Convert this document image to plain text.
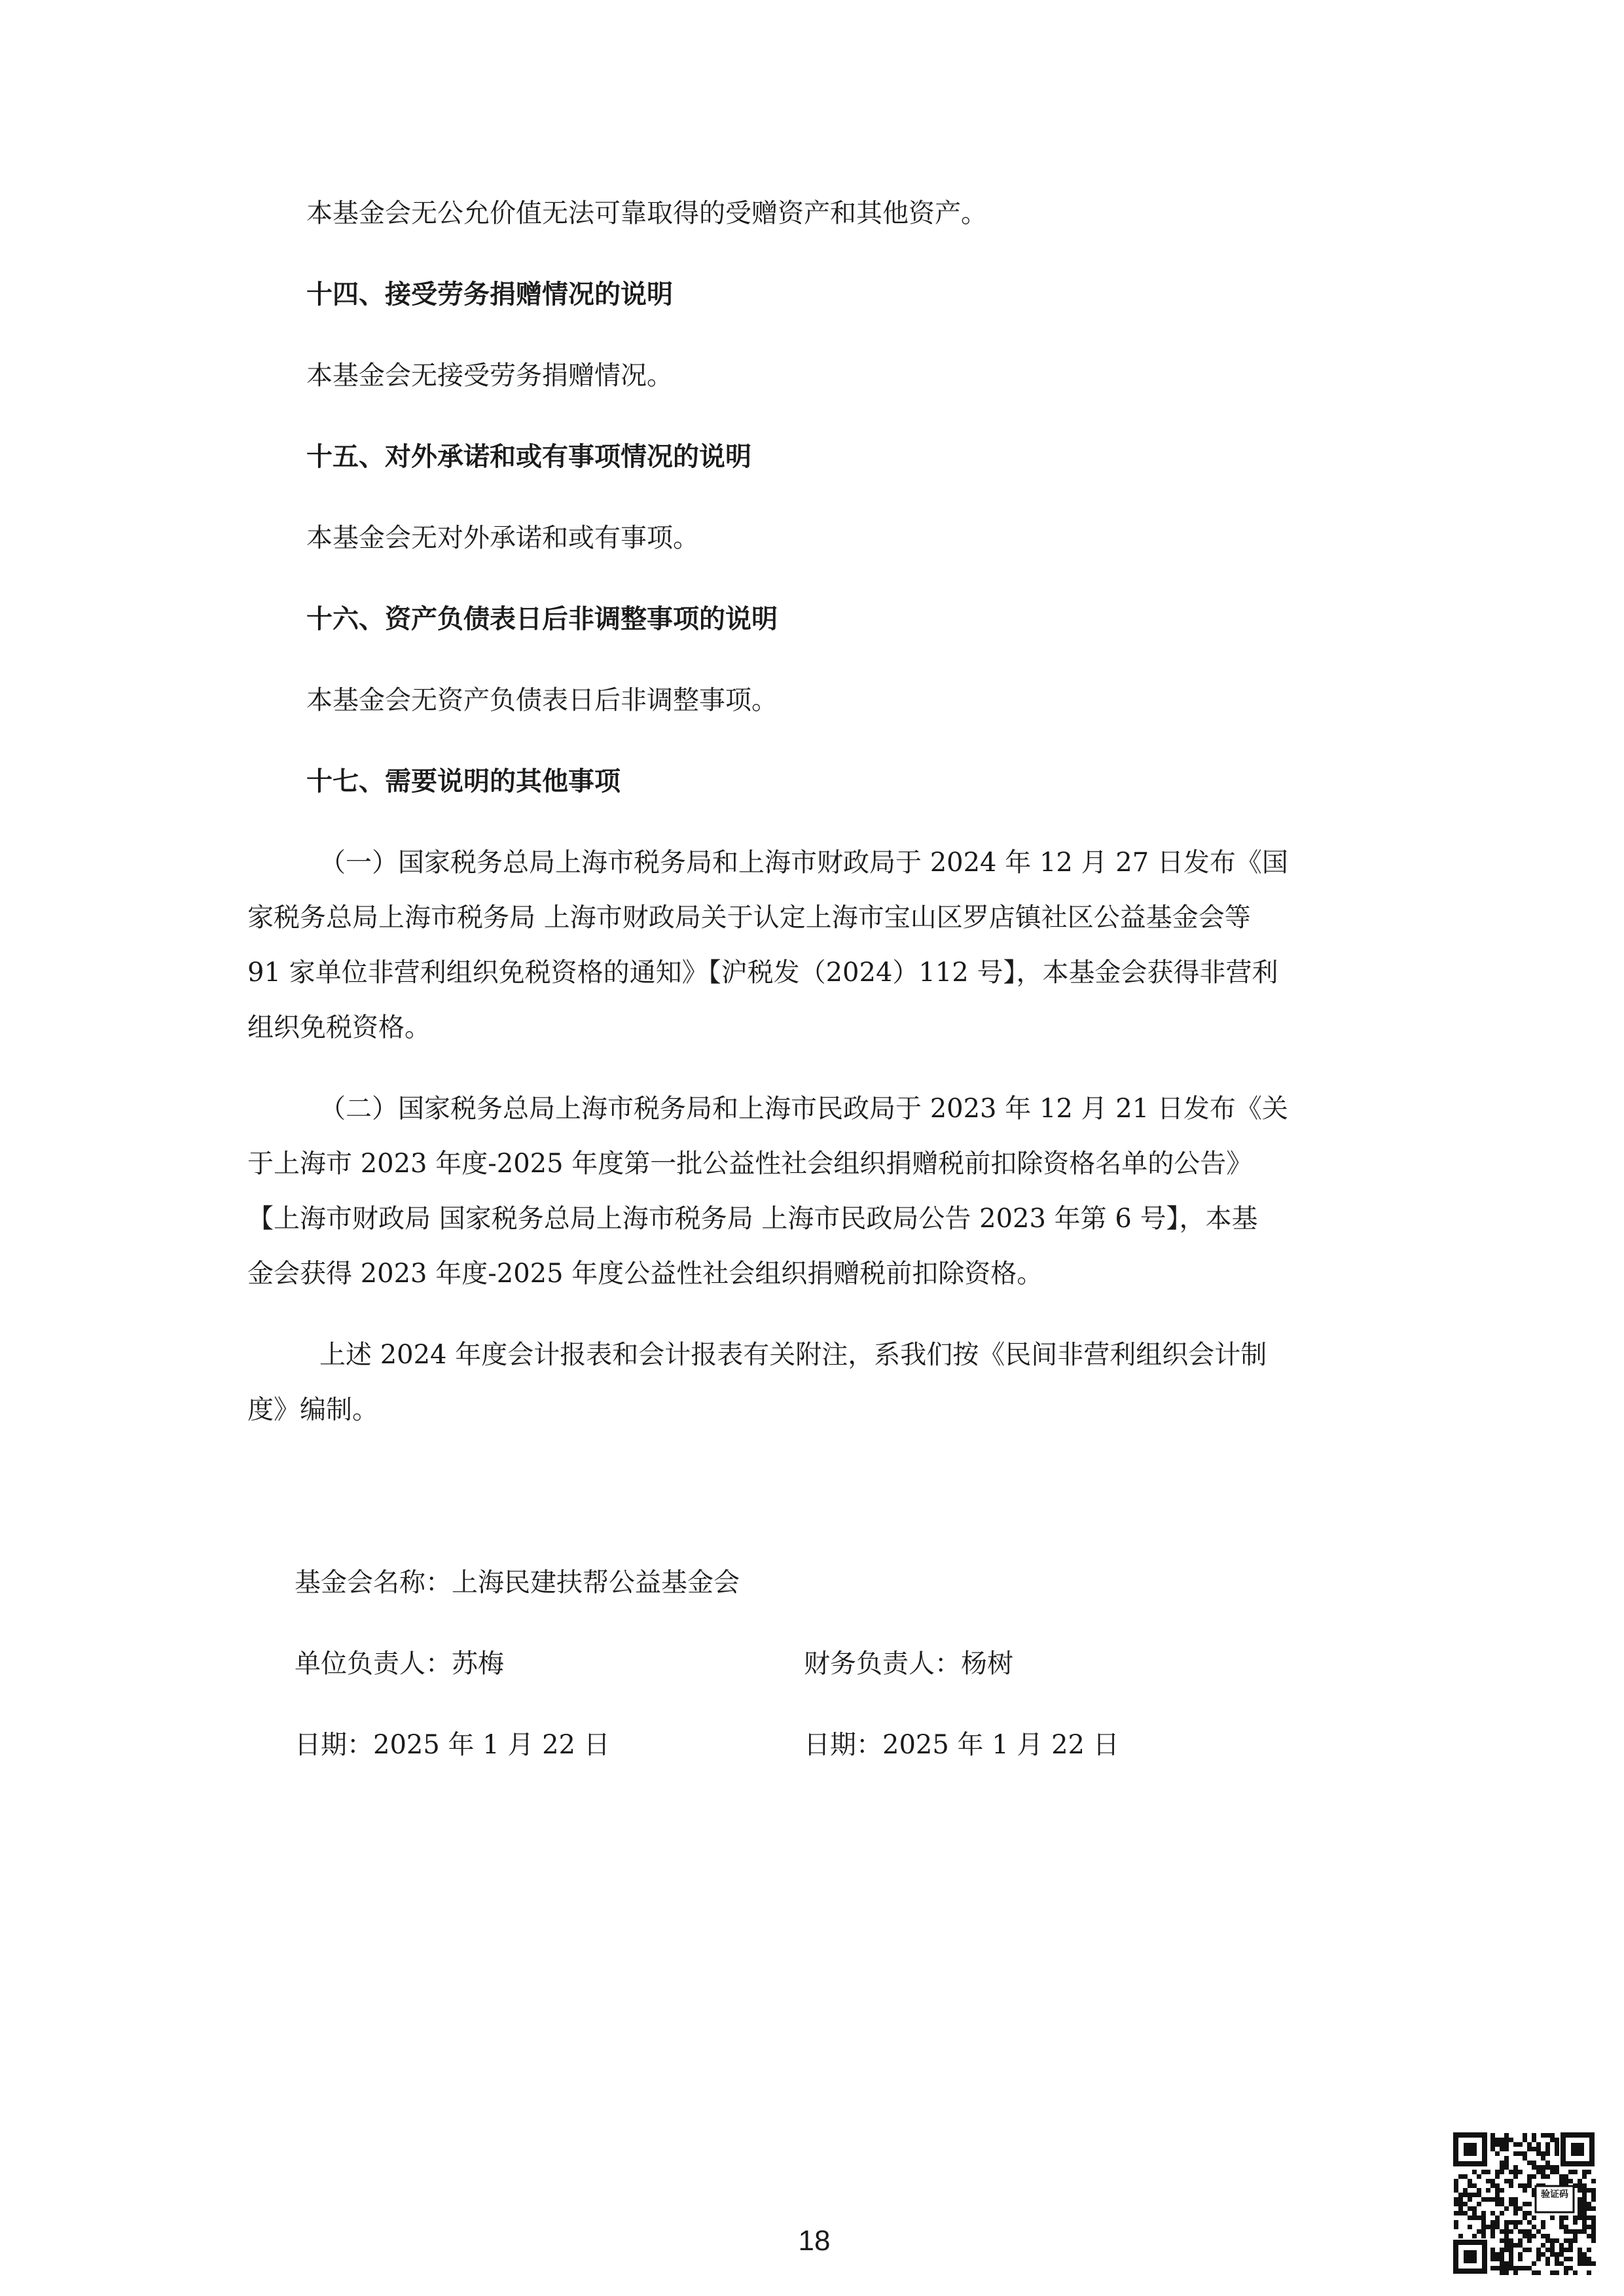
本基金会无公允价值无法可靠取得的受赠资产和其他资产。
十四、接受劳务捐赠情况的说明
本基金会无接受劳务捐赠情况。
十五、对外承诺和或有事项情况的说明
本基金会无对外承诺和或有事项。
十六、资产负债表日后非调整事项的说明
本基金会无资产负债表日后非调整事项。
十七、需要说明的其他事项
（一）国家税务总局上海市税务局和上海市财政局于 2024 年 12 月 27 日发布《国
家税务总局上海市税务局 上海市财政局关于认定上海市宝山区罗店镇社区公益基金会等
91 家单位非营利组织免税资格的通知》【沪税发（2024）112 号】，本基金会获得非营利
组织免税资格。
（二）国家税务总局上海市税务局和上海市民政局于 2023 年 12 月 21 日发布《关
于上海市 2023 年度-2025 年度第一批公益性社会组织捐赠税前扣除资格名单的公告》
【上海市财政局 国家税务总局上海市税务局 上海市民政局公告 2023 年第 6 号】，本基
金会获得 2023 年度-2025 年度公益性社会组织捐赠税前扣除资格。
上述 2024 年度会计报表和会计报表有关附注，系我们按《民间非营利组织会计制
度》编制。
基金会名称：上海民建扶帮公益基金会
单位负责人：苏梅	财务负责人：杨树
日期：2025 年 1 月 22 日	日期：2025 年 1 月 22 日
18
验证码
